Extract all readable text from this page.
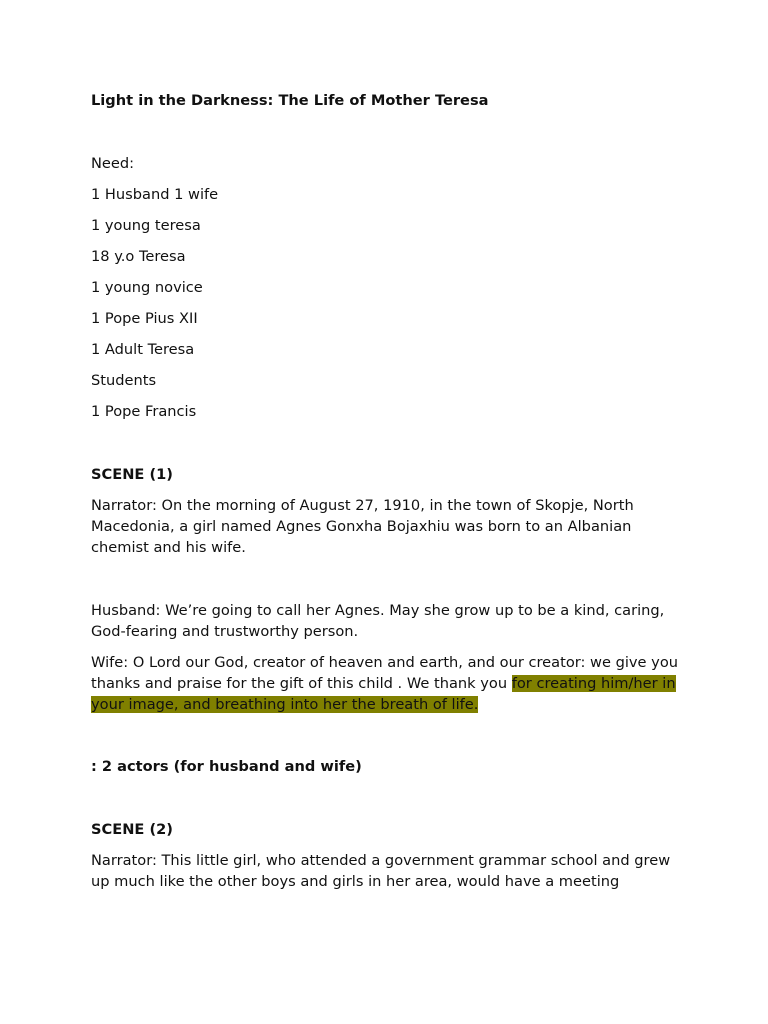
Light in the Darkness: The Life of Mother Teresa

Need:

1 Husband 1 wife

1 young teresa

18 y.o Teresa

1 young novice

1 Pope Pius XII

1 Adult Teresa

Students

1 Pope Francis

SCENE (1)

Narrator: On the morning of August 27, 1910, in the town of Skopje, North Macedonia, a girl named Agnes Gonxha Bojaxhiu was born to an Albanian chemist and his wife.

Husband: We’re going to call her Agnes. May she grow up to be a kind, caring, God-fearing and trustworthy person.

Wife: O Lord our God, creator of heaven and earth, and our creator: we give you thanks and praise for the gift of this child . We thank you for creating him/her in your image, and breathing into her the breath of life.

: 2 actors (for husband and wife)

SCENE (2)

Narrator: This little girl, who attended a government grammar school and grew up much like the other boys and girls in her area, would have a meeting
